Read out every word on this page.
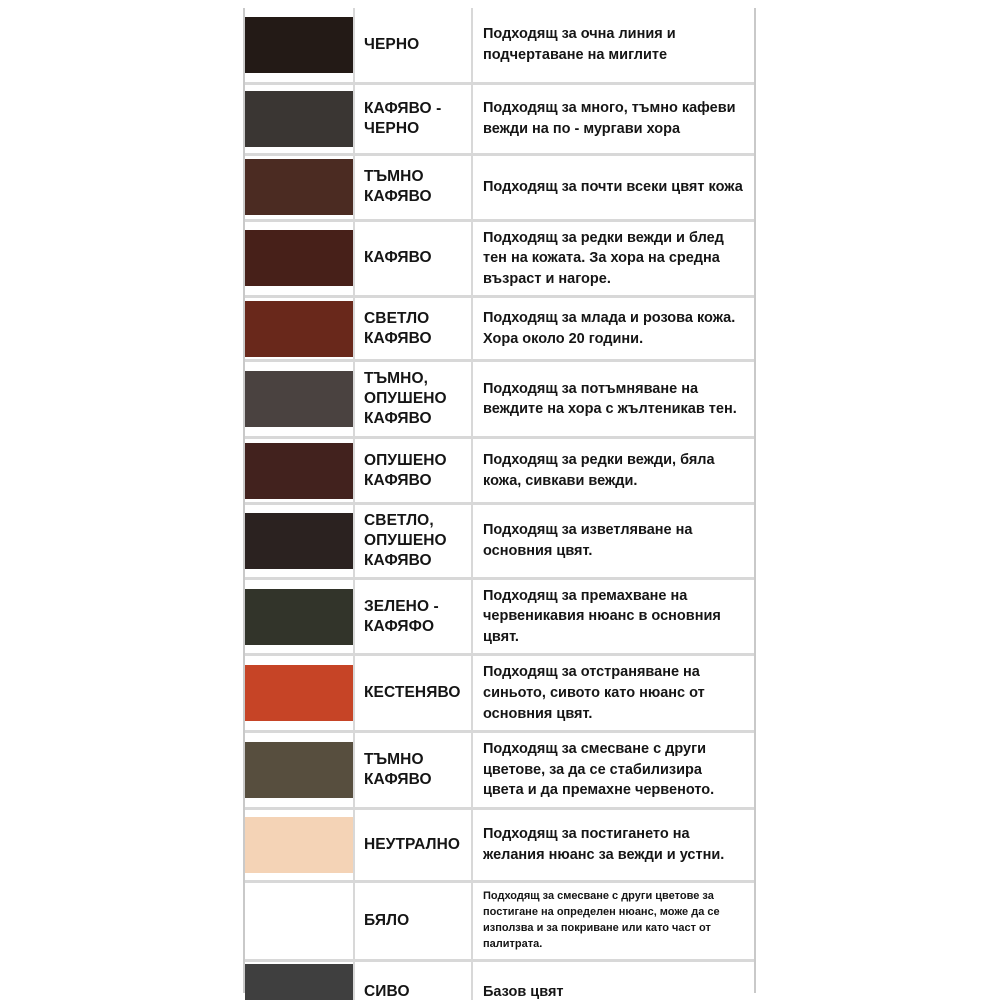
	ЧЕРНО	Подходящ за очна линия и подчертаване на миглите

	КАФЯВО - ЧЕРНО	Подходящ за много, тъмно кафеви вежди на по - мургави хора

	ТЪМНО КАФЯВО	Подходящ за почти всеки цвят кожа

	КАФЯВО	Подходящ за редки вежди и блед тен на кожата. За хора на средна възраст и нагоре.

	СВЕТЛО КАФЯВО	Подходящ за млада и розова кожа. Хора около 20 години.

	ТЪМНО, ОПУШЕНО КАФЯВО	Подходящ за потъмняване на веждите на хора с жълтеникав тен.

	ОПУШЕНО КАФЯВО	Подходящ за редки вежди, бяла кожа, сивкави вежди.

	СВЕТЛО, ОПУШЕНО КАФЯВО	Подходящ за изветляване на основния цвят.

	ЗЕЛЕНО - КАФЯФО	Подходящ за премахване на червеникавия нюанс в основния цвят.

	КЕСТЕНЯВО	Подходящ за отстраняване на синьото, сивото като нюанс от основния цвят.

	ТЪМНО КАФЯВО	Подходящ за смесване с други цветове, за да се стабилизира цвета и да премахне червеното.

	НЕУТРАЛНО	Подходящ за постигането на желания нюанс за вежди и устни.

	БЯЛО	Подходящ за смесване с други цветове за постигане на определен нюанс, може да се използва и за покриване или като част от палитрата.

	СИВО	Базов цвят
